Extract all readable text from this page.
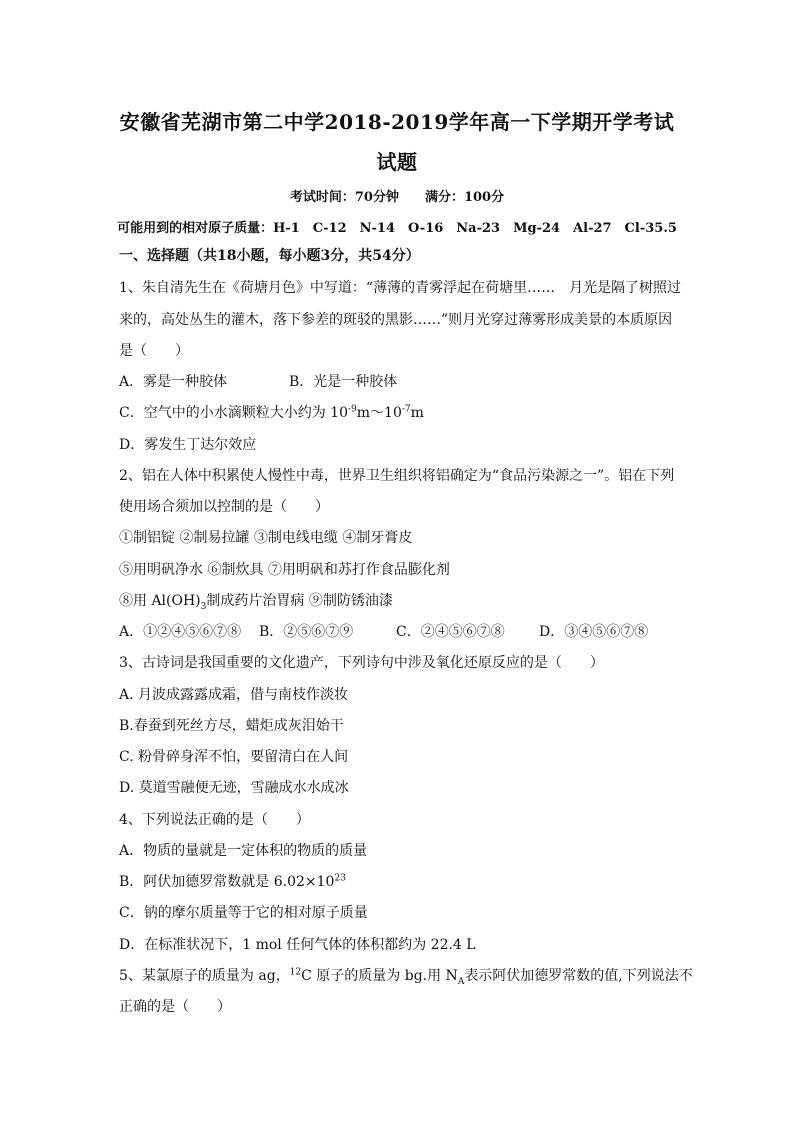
安徽省芜湖市第二中学2018-2019学年高一下学期开学考试
试题
考试时间：70分钟　　满分：100分
可能用到的相对原子质量：H-1　C-12　N-14　O-16　Na-23　Mg-24　Al-27　Cl-35.5
一、选择题（共18小题，每小题3分，共54分）
1、朱自清先生在《荷塘月色》中写道：“薄薄的青雾浮起在荷塘里……　月光是隔了树照过
来的，高处丛生的灌木，落下参差的斑驳的黑影……”则月光穿过薄雾形成美景的本质原因
是（　　）
A．雾是一种胶体	B．光是一种胶体
C．空气中的小水滴颗粒大小约为 $10^{-9}m\sim 10^{-7}m$
D．雾发生丁达尔效应
2、铝在人体中积累使人慢性中毒，世界卫生组织将铝确定为“食品污染源之一”。铝在下列
使用场合须加以控制的是（　　）
①制铝锭 ②制易拉罐 ③制电线电缆 ④制牙膏皮
⑤用明矾净水 ⑥制炊具 ⑦用明矾和苏打作食品膨化剂
⑧用 $Al(OH)_3$制成药片治胃病 ⑨制防锈油漆
A．①②④⑤⑥⑦⑧ B．②⑤⑥⑦⑨	C．②④⑤⑥⑦⑧ D．③④⑤⑥⑦⑧
3、古诗词是我国重要的文化遗产，下列诗句中涉及氧化还原反应的是（　　）
A. 月波成露露成霜，借与南枝作淡妆
B.春蚕到死丝方尽，蜡炬成灰泪始干
C. 粉骨碎身浑不怕，要留清白在人间
D. 莫道雪融便无迹，雪融成水水成冰
4、下列说法正确的是（　　）
A．物质的量就是一定体积的物质的质量
B．阿伏加德罗常数就是 $6.02\times 10^{23}$
C．钠的摩尔质量等于它的相对原子质量
D．在标准状况下，1 mol 任何气体的体积都约为 22.4 L
5、某氯原子的质量为 ag，$^{12}$C 原子的质量为 bg.用 $N_A$表示阿伏加德罗常数的值,下列说法不
正确的是（　　）
